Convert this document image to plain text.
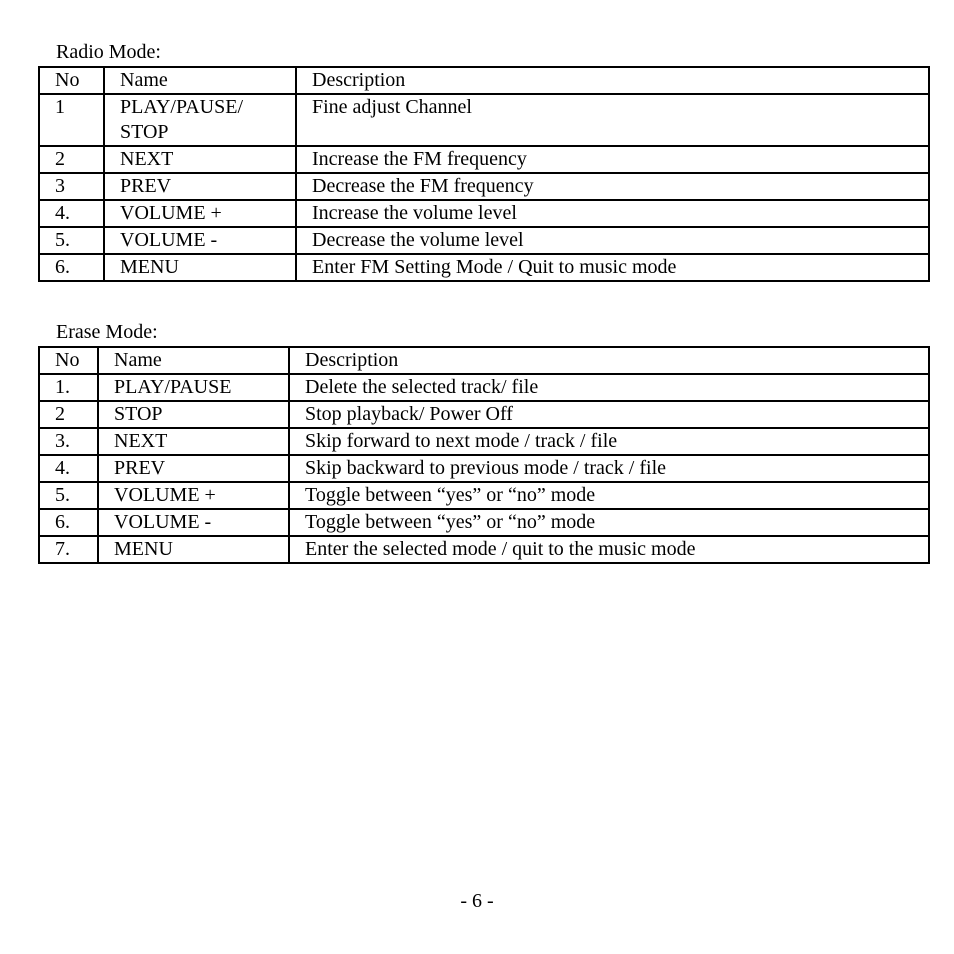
Radio Mode:
No	Name	Description
1	PLAY/PAUSE/ STOP	Fine adjust Channel
2	NEXT	Increase the FM frequency
3	PREV	Decrease the FM frequency
4.	VOLUME +	Increase the volume level
5.	VOLUME -	Decrease the volume level
6.	MENU	Enter FM Setting Mode / Quit to music mode
Erase Mode:
No	Name	Description
1.	PLAY/PAUSE	Delete the selected track/ file
2	STOP	Stop playback/ Power Off
3.	NEXT	Skip forward to next mode / track / file
4.	PREV	Skip backward to previous mode / track / file
5.	VOLUME +	Toggle between “yes” or “no” mode
6.	VOLUME -	Toggle between “yes” or “no” mode
7.	MENU	Enter the selected mode / quit to the music mode
- 6 -
